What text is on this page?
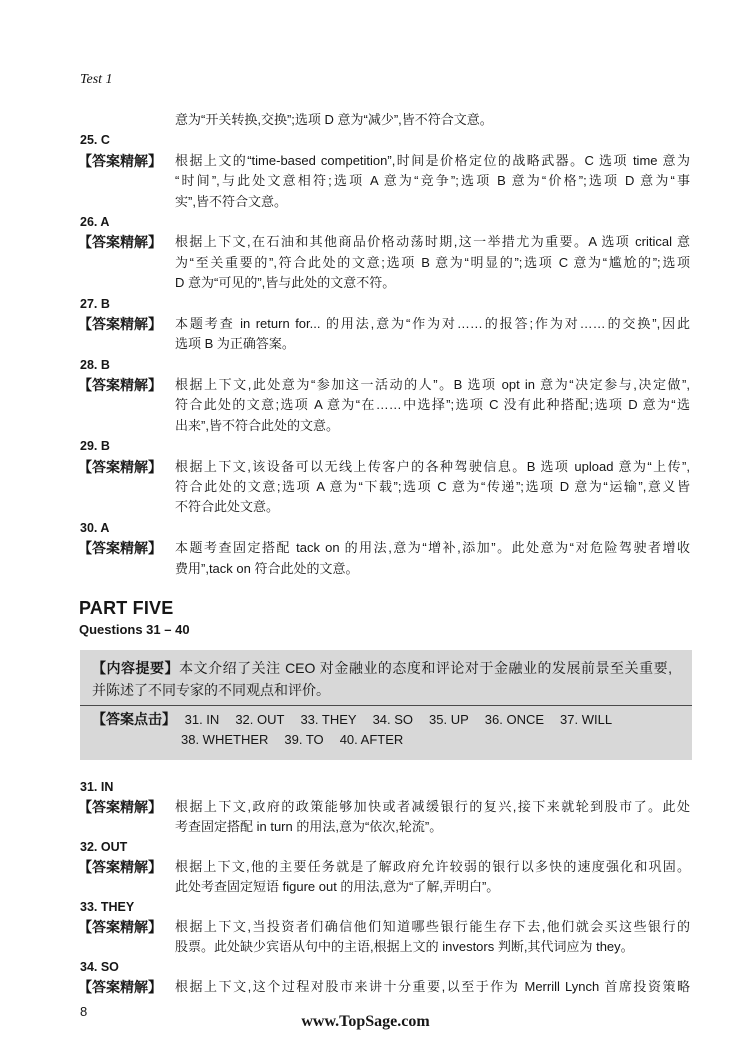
Test 1
意为“开关转换,交换”;选项 D 意为“减少”,皆不符合文意。
25. C
【答案精解】 根据上文的“time-based competition”,时间是价格定位的战略武器。C 选项 time 意为
“时间”,与此处文意相符;选项 A 意为“竞争”;选项 B 意为“价格”;选项 D 意为“事
实”,皆不符合文意。
26. A
【答案精解】 根据上下文,在石油和其他商品价格动荡时期,这一举措尤为重要。A 选项 critical 意
为“至关重要的”,符合此处的文意;选项 B 意为“明显的”;选项 C 意为“尴尬的”;选项
D 意为“可见的”,皆与此处的文意不符。
27. B
【答案精解】 本题考查 in return for... 的用法,意为“作为对……的报答;作为对……的交换”,因此
选项 B 为正确答案。
28. B
【答案精解】 根据上下文,此处意为“参加这一活动的人”。B 选项 opt in 意为“决定参与,决定做”,
符合此处的文意;选项 A 意为“在……中选择”;选项 C 没有此种搭配;选项 D 意为“选
出来”,皆不符合此处的文意。
29. B
【答案精解】 根据上下文,该设备可以无线上传客户的各种驾驶信息。B 选项 upload 意为“上传”,
符合此处的文意;选项 A 意为“下载”;选项 C 意为“传递”;选项 D 意为“运输”,意义皆
不符合此处文意。
30. A
【答案精解】 本题考查固定搭配 tack on 的用法,意为“增补,添加”。此处意为“对危险驾驶者增收
费用”,tack on 符合此处的文意。
PART FIVE
Questions 31 – 40
【内容提要】本文介绍了关注 CEO 对金融业的态度和评论对于金融业的发展前景至关重要,
并陈述了不同专家的不同观点和评价。
【答案点击】 31. IN 32. OUT 33. THEY 34. SO 35. UP 36. ONCE 37. WILL
38. WHETHER 39. TO 40. AFTER
31. IN
【答案精解】 根据上下文,政府的政策能够加快或者减缓银行的复兴,接下来就轮到股市了。此处
考查固定搭配 in turn 的用法,意为“依次,轮流”。
32. OUT
【答案精解】 根据上下文,他的主要任务就是了解政府允许较弱的银行以多快的速度强化和巩固。
此处考查固定短语 figure out 的用法,意为“了解,弄明白”。
33. THEY
【答案精解】 根据上下文,当投资者们确信他们知道哪些银行能生存下去,他们就会买这些银行的
股票。此处缺少宾语从句中的主语,根据上文的 investors 判断,其代词应为 they。
34. SO
【答案精解】 根据上下文,这个过程对股市来讲十分重要,以至于作为 Merrill Lynch 首席投资策略
8
www.TopSage.com
